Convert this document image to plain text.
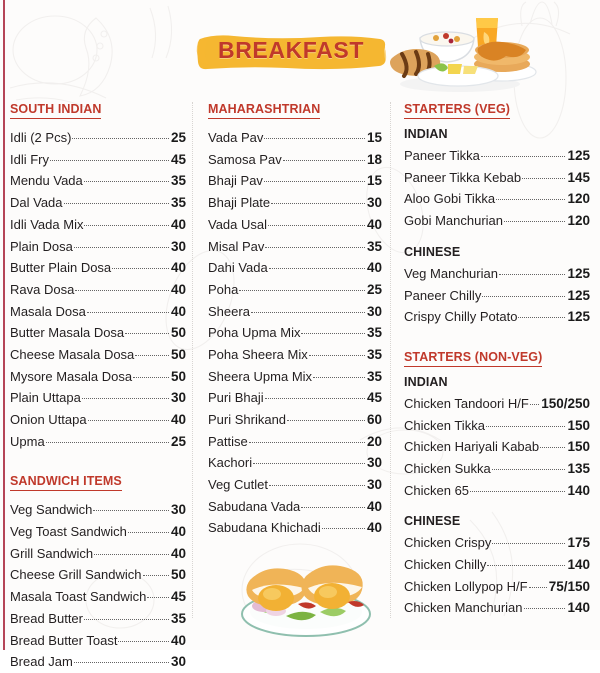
BREAKFAST
SOUTH INDIAN
Idli (2 Pcs)	25
Idli Fry	45
Mendu Vada	35
Dal Vada	35
Idli Vada Mix	40
Plain Dosa	30
Butter Plain Dosa	40
Rava Dosa	40
Masala Dosa	40
Butter Masala Dosa	50
Cheese Masala Dosa	50
Mysore Masala Dosa	50
Plain Uttapa	30
Onion Uttapa	40
Upma	25
SANDWICH ITEMS
Veg Sandwich	30
Veg Toast Sandwich	40
Grill Sandwich	40
Cheese Grill Sandwich 50
Masala Toast Sandwich 45
Bread Butter	35
Bread Butter Toast	40
Bread Jam	30
MAHARASHTRIAN
Vada Pav	15
Samosa Pav	18
Bhaji Pav	15
Bhaji Plate	30
Vada Usal	40
Misal Pav	35
Dahi Vada	40
Poha	25
Sheera	30
Poha Upma Mix	35
Poha Sheera Mix	35
Sheera Upma Mix	35
Puri Bhaji	45
Puri Shrikand	60
Pattise	20
Kachori	30
Veg Cutlet	30
Sabudana Vada	40
Sabudana Khichadi	40
STARTERS (VEG)
INDIAN
Paneer Tikka	125
Paneer Tikka Kebab	145
Aloo Gobi Tikka	120
Gobi Manchurian	120
CHINESE
Veg Manchurian	125
Paneer Chilly	125
Crispy Chilly Potato	125
STARTERS (NON-VEG)
INDIAN
Chicken Tandoori H/F 150/250
Chicken Tikka	150
Chicken Hariyali Kabab 150
Chicken Sukka	135
Chicken 65	140
CHINESE
Chicken Crispy	175
Chicken Chilly	140
Chicken Lollypop H/F 75/150
Chicken Manchurian	140
